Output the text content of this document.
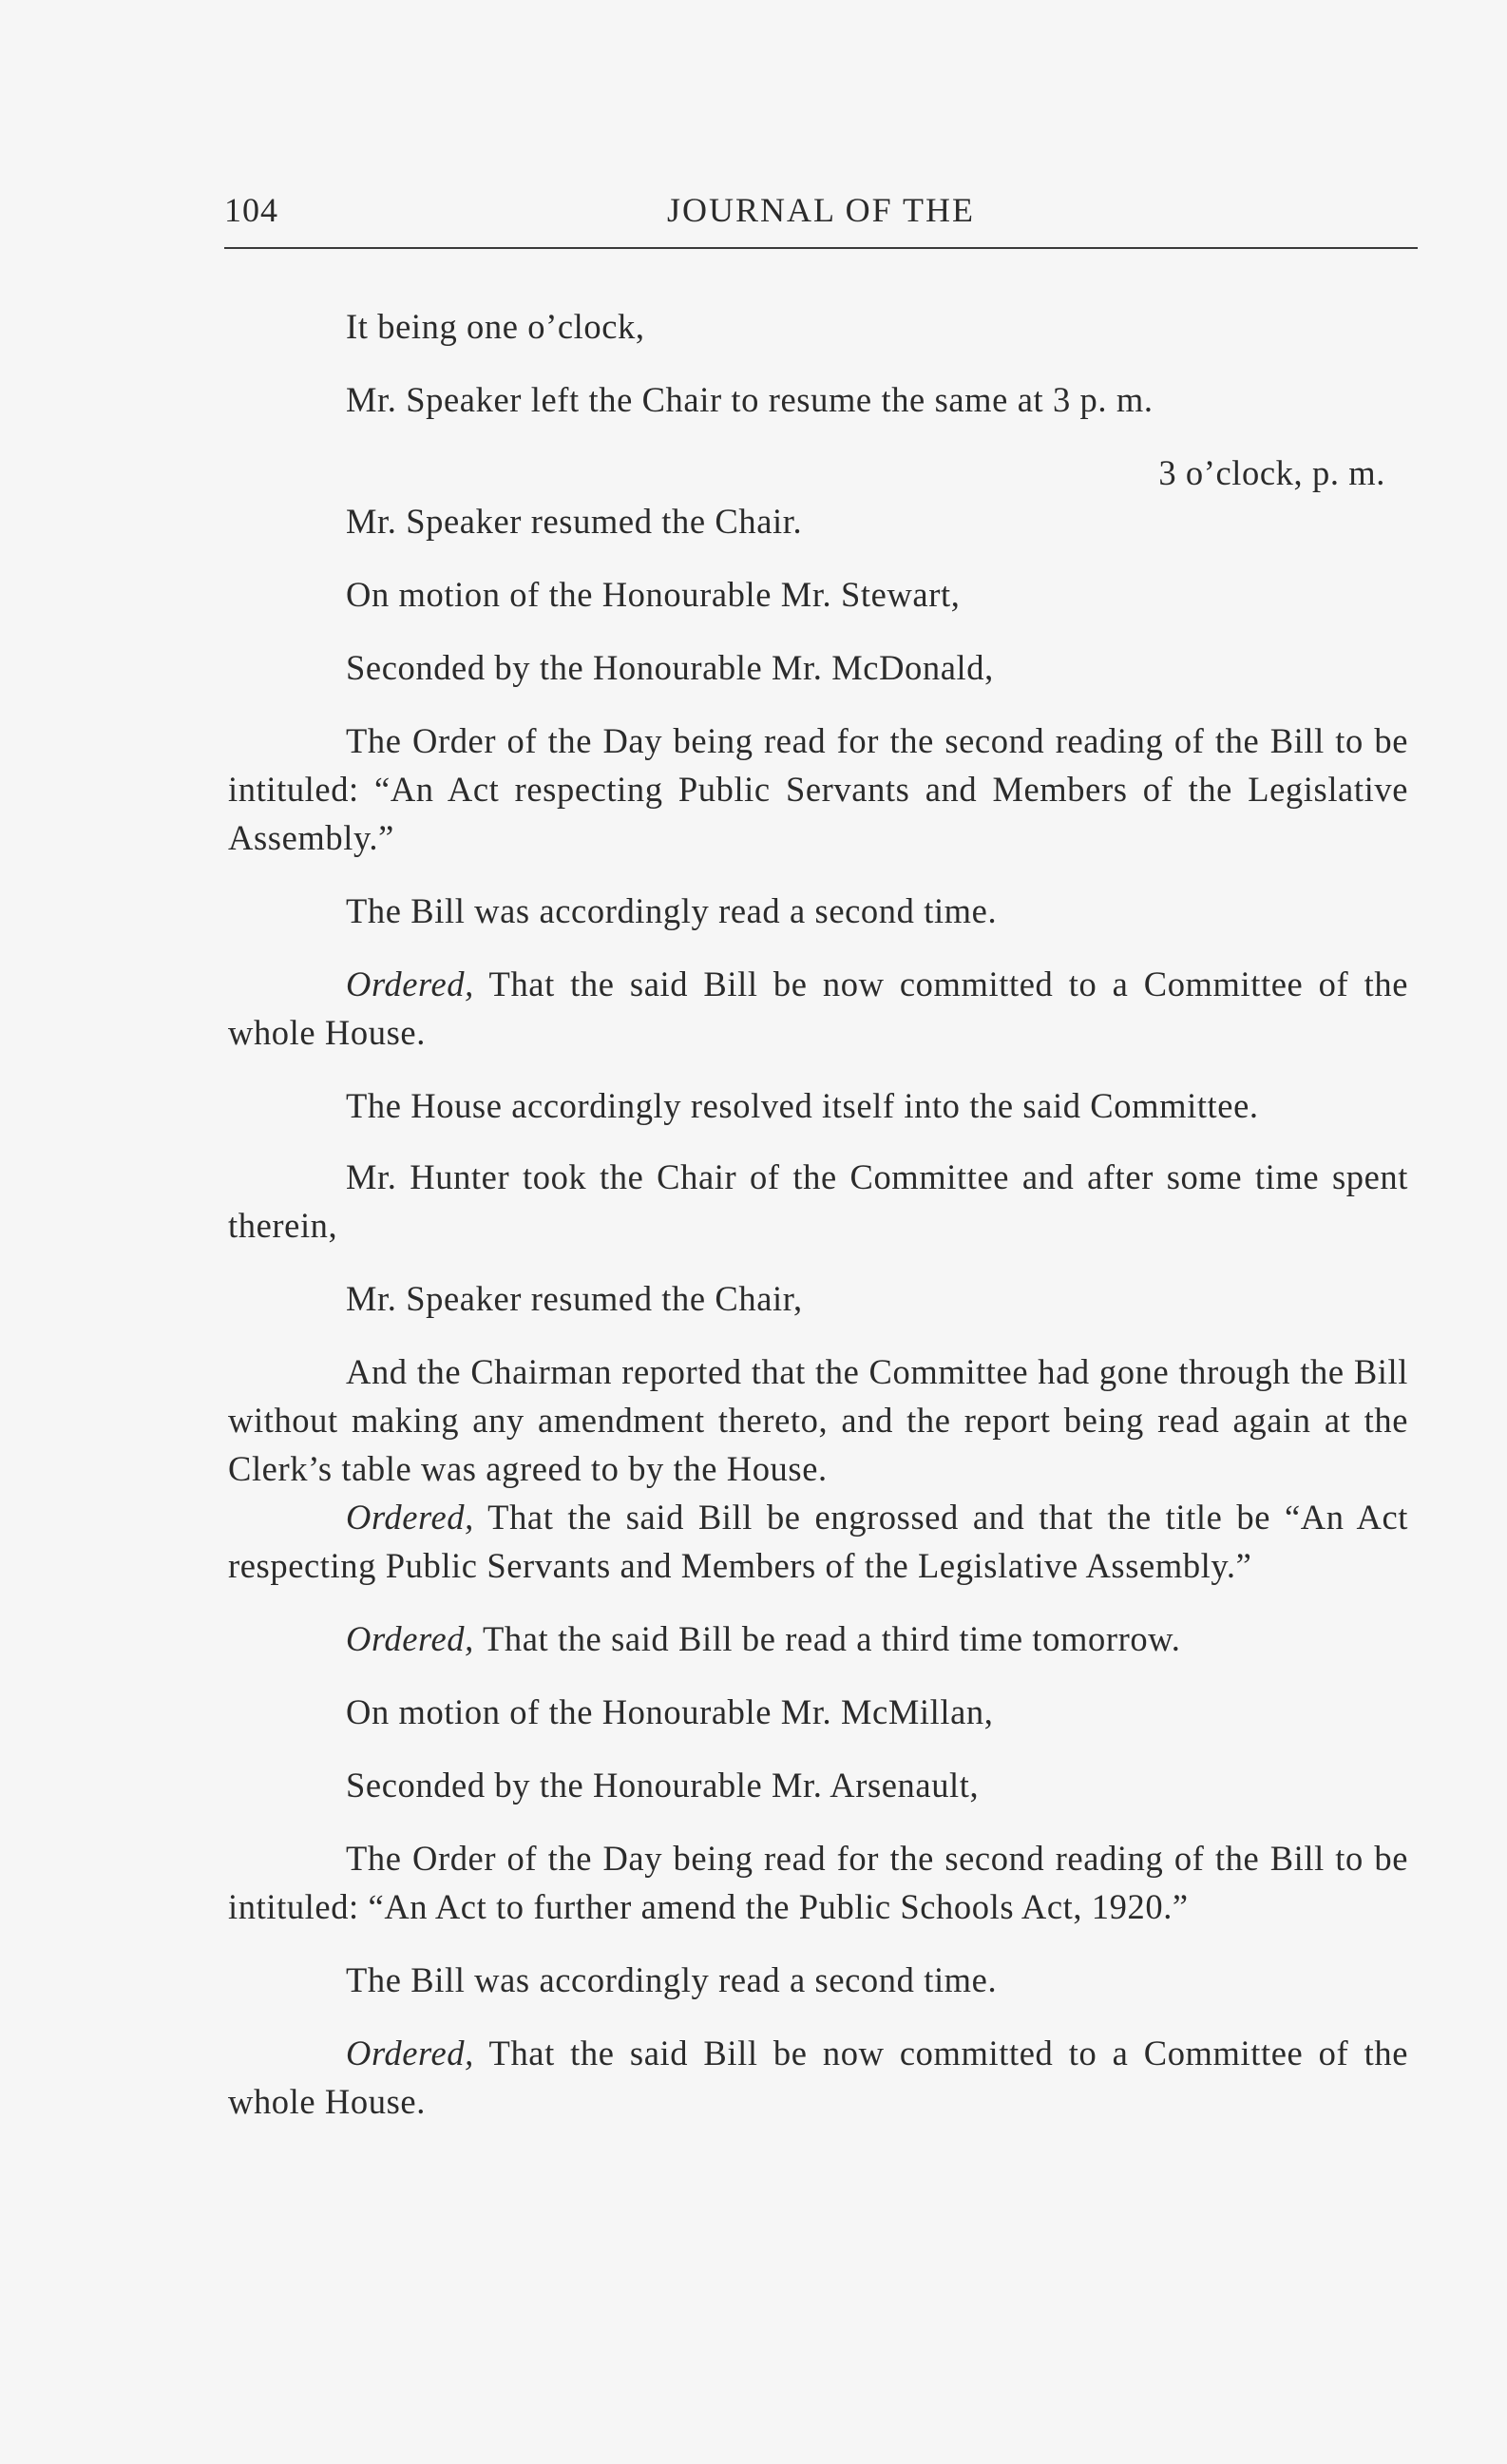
104	JOURNAL OF THE

It being one o’clock,

Mr. Speaker left the Chair to resume the same at 3 p. m.

3 o’clock, p. m.

Mr. Speaker resumed the Chair.

On motion of the Honourable Mr. Stewart,

Seconded by the Honourable Mr. McDonald,

The Order of the Day being read for the second reading of the Bill to be intituled: “An Act respecting Public Servants and Members of the Legislative Assembly.”

The Bill was accordingly read a second time.

Ordered, That the said Bill be now committed to a Committee of the whole House.

The House accordingly resolved itself into the said Committee.

Mr. Hunter took the Chair of the Committee and after some time spent therein,

Mr. Speaker resumed the Chair,

And the Chairman reported that the Committee had gone through the Bill without making any amendment thereto, and the report being read again at the Clerk’s table was agreed to by the House.

Ordered, That the said Bill be engrossed and that the title be “An Act respecting Public Servants and Members of the Legislative Assembly.”

Ordered, That the said Bill be read a third time tomorrow.

On motion of the Honourable Mr. McMillan,

Seconded by the Honourable Mr. Arsenault,

The Order of the Day being read for the second reading of the Bill to be intituled: “An Act to further amend the Public Schools Act, 1920.”

The Bill was accordingly read a second time.

Ordered, That the said Bill be now committed to a Committee of the whole House.
